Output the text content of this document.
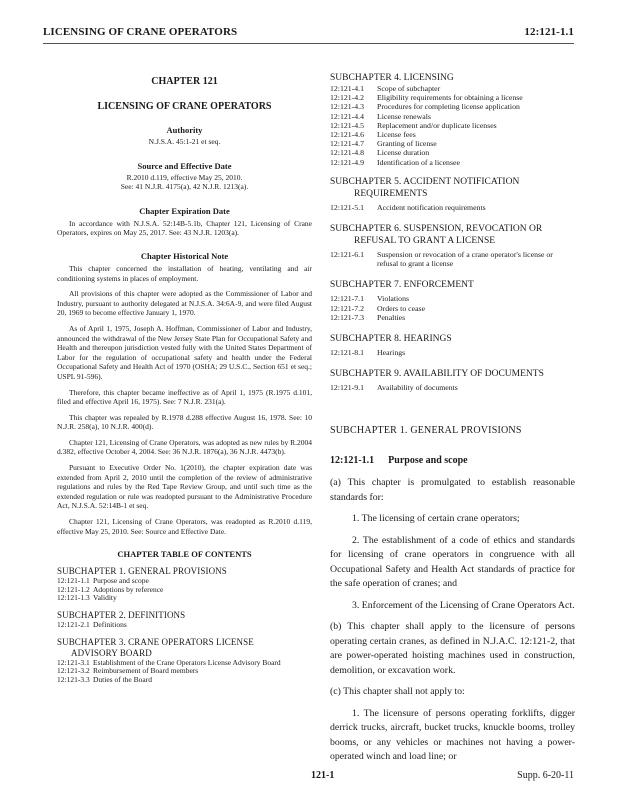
LICENSING OF CRANE OPERATORS	12:121-1.1
CHAPTER 121
LICENSING OF CRANE OPERATORS
Authority
N.J.S.A. 45:1-21 et seq.
Source and Effective Date
R.2010 d.119, effective May 25, 2010.
See: 41 N.J.R. 4175(a), 42 N.J.R. 1213(a).
Chapter Expiration Date
In accordance with N.J.S.A. 52:14B-5.1b, Chapter 121, Licensing of Crane Operators, expires on May 25, 2017. See: 43 N.J.R. 1203(a).
Chapter Historical Note
This chapter concerned the installation of heating, ventilating and air conditioning systems in places of employment.
All provisions of this chapter were adopted as the Commissioner of Labor and Industry, pursuant to authority delegated at N.J.S.A. 34:6A-9, and were filed August 20, 1969 to become effective January 1, 1970.
As of April 1, 1975, Joseph A. Hoffman, Commissioner of Labor and Industry, announced the withdrawal of the New Jersey State Plan for Occupational Safety and Health and thereupon jurisdiction vested fully with the United States Department of Labor for the regulation of occupational safety and health under the Federal Occupational Safety and Health Act of 1970 (OSHA; 29 U.S.C., Section 651 et seq.; USPL 91-596).
Therefore, this chapter became ineffective as of April 1, 1975 (R.1975 d.101, filed and effective April 16, 1975). See: 7 N.J.R. 231(a).
This chapter was repealed by R.1978 d.288 effective August 16, 1978. See: 10 N.J.R. 258(a), 10 N.J.R. 400(d).
Chapter 121, Licensing of Crane Operators, was adopted as new rules by R.2004 d.382, effective October 4, 2004. See: 36 N.J.R. 1876(a), 36 N.J.R. 4473(b).
Pursuant to Executive Order No. 1(2010), the chapter expiration date was extended from April 2, 2010 until the completion of the review of administrative regulations and rules by the Red Tape Review Group, and until such time as the extended regulation or rule was readopted pursuant to the Administrative Procedure Act, N.J.S.A. 52:14B-1 et seq.
Chapter 121, Licensing of Crane Operators, was readopted as R.2010 d.119, effective May 25, 2010. See: Source and Effective Date.
CHAPTER TABLE OF CONTENTS
SUBCHAPTER 1. GENERAL PROVISIONS
12:121-1.1 Purpose and scope
12:121-1.2 Adoptions by reference
12:121-1.3 Validity
SUBCHAPTER 2. DEFINITIONS
12:121-2.1 Definitions
SUBCHAPTER 3. CRANE OPERATORS LICENSE
ADVISORY BOARD
12:121-3.1 Establishment of the Crane Operators License Advisory Board
12:121-3.2 Reimbursement of Board members
12:121-3.3 Duties of the Board
SUBCHAPTER 4. LICENSING
12:121-4.1	Scope of subchapter
12:121-4.2	Eligibility requirements for obtaining a license
12:121-4.3	Procedures for completing license application
12:121-4.4	License renewals
12:121-4.5	Replacement and/or duplicate licenses
12:121-4.6	License fees
12:121-4.7	Granting of license
12:121-4.8	License duration
12:121-4.9	Identification of a licensee
SUBCHAPTER 5. ACCIDENT NOTIFICATION
REQUIREMENTS
12:121-5.1	Accident notification requirements
SUBCHAPTER 6. SUSPENSION, REVOCATION OR
REFUSAL TO GRANT A LICENSE
12:121-6.1	Suspension or revocation of a crane operator's license or refusal to grant a license
SUBCHAPTER 7. ENFORCEMENT
12:121-7.1	Violations
12:121-7.2	Orders to cease
12:121-7.3	Penalties
SUBCHAPTER 8. HEARINGS
12:121-8.1	Hearings
SUBCHAPTER 9. AVAILABILITY OF DOCUMENTS
12:121-9.1	Availability of documents
SUBCHAPTER 1. GENERAL PROVISIONS
12:121-1.1 Purpose and scope
(a) This chapter is promulgated to establish reasonable standards for:
1. The licensing of certain crane operators;
2. The establishment of a code of ethics and standards for licensing of crane operators in congruence with all Occupational Safety and Health Act standards of practice for the safe operation of cranes; and
3. Enforcement of the Licensing of Crane Operators Act.
(b) This chapter shall apply to the licensure of persons operating certain cranes, as defined in N.J.A.C. 12:121-2, that are power-operated hoisting machines used in construction, demolition, or excavation work.
(c) This chapter shall not apply to:
1. The licensure of persons operating forklifts, digger derrick trucks, aircraft, bucket trucks, knuckle booms, trolley booms, or any vehicles or machines not having a power-operated winch and load line; or
121-1	Supp. 6-20-11
